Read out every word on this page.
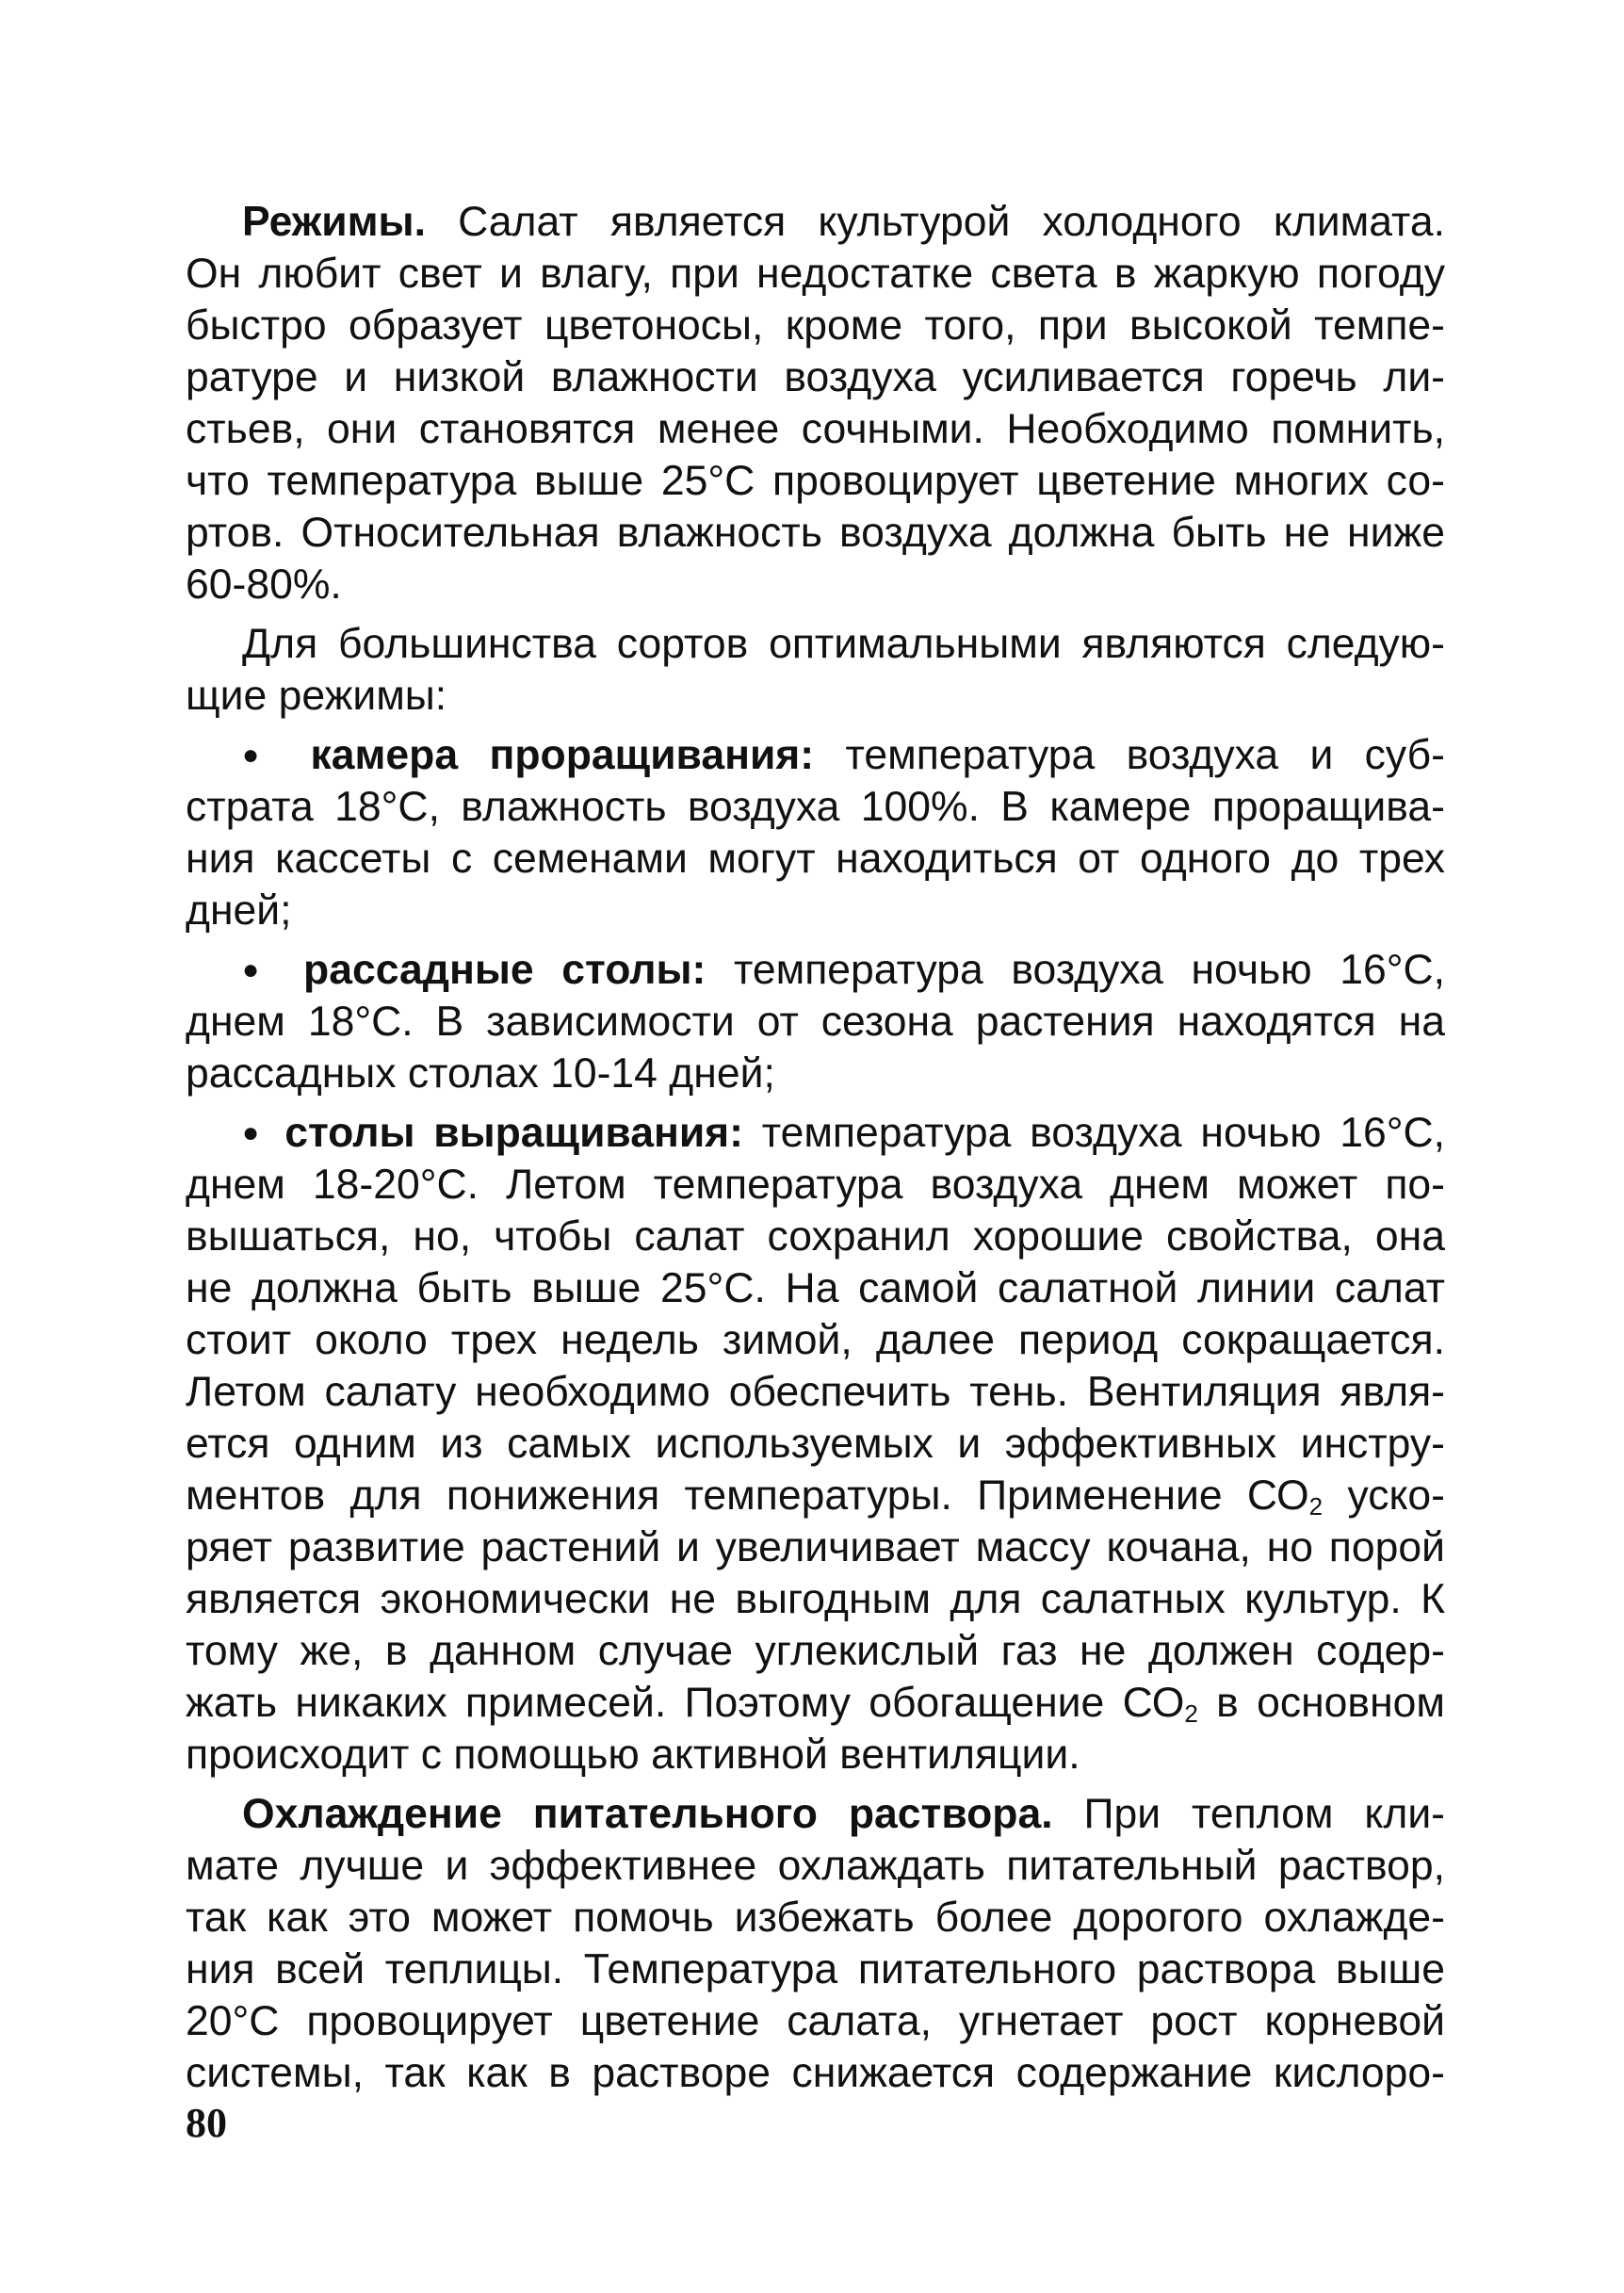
Режимы. Салат является культурой холодного климата.
Он любит свет и влагу, при недостатке света в жаркую погоду
быстро образует цветоносы, кроме того, при высокой темпе-
ратуре и низкой влажности воздуха усиливается горечь ли-
стьев, они становятся менее сочными. Необходимо помнить,
что температура выше 25°С провоцирует цветение многих со-
ртов. Относительная влажность воздуха должна быть не ниже
60-80%.
Для большинства сортов оптимальными являются следую-
щие режимы:
● камера проращивания: температура воздуха и суб-
страта 18°С, влажность воздуха 100%. В камере проращива-
ния кассеты с семенами могут находиться от одного до трех
дней;
● рассадные столы: температура воздуха ночью 16°С,
днем 18°С. В зависимости от сезона растения находятся на
рассадных столах 10-14 дней;
● столы выращивания: температура воздуха ночью 16°С,
днем 18-20°С. Летом температура воздуха днем может по-
вышаться, но, чтобы салат сохранил хорошие свойства, она
не должна быть выше 25°С. На самой салатной линии салат
стоит около трех недель зимой, далее период сокращается.
Летом салату необходимо обеспечить тень. Вентиляция явля-
ется одним из самых используемых и эффективных инстру-
ментов для понижения температуры. Применение $СО_2$ уско-
ряет развитие растений и увеличивает массу кочана, но порой
является экономически не выгодным для салатных культур. К
тому же, в данном случае углекислый газ не должен содер-
жать никаких примесей. Поэтому обогащение $СО_2$ в основном
происходит с помощью активной вентиляции.
Охлаждение питательного раствора. При теплом кли-
мате лучше и эффективнее охлаждать питательный раствор,
так как это может помочь избежать более дорогого охлажде-
ния всей теплицы. Температура питательного раствора выше
20°С провоцирует цветение салата, угнетает рост корневой
системы, так как в растворе снижается содержание кислоро-
80
